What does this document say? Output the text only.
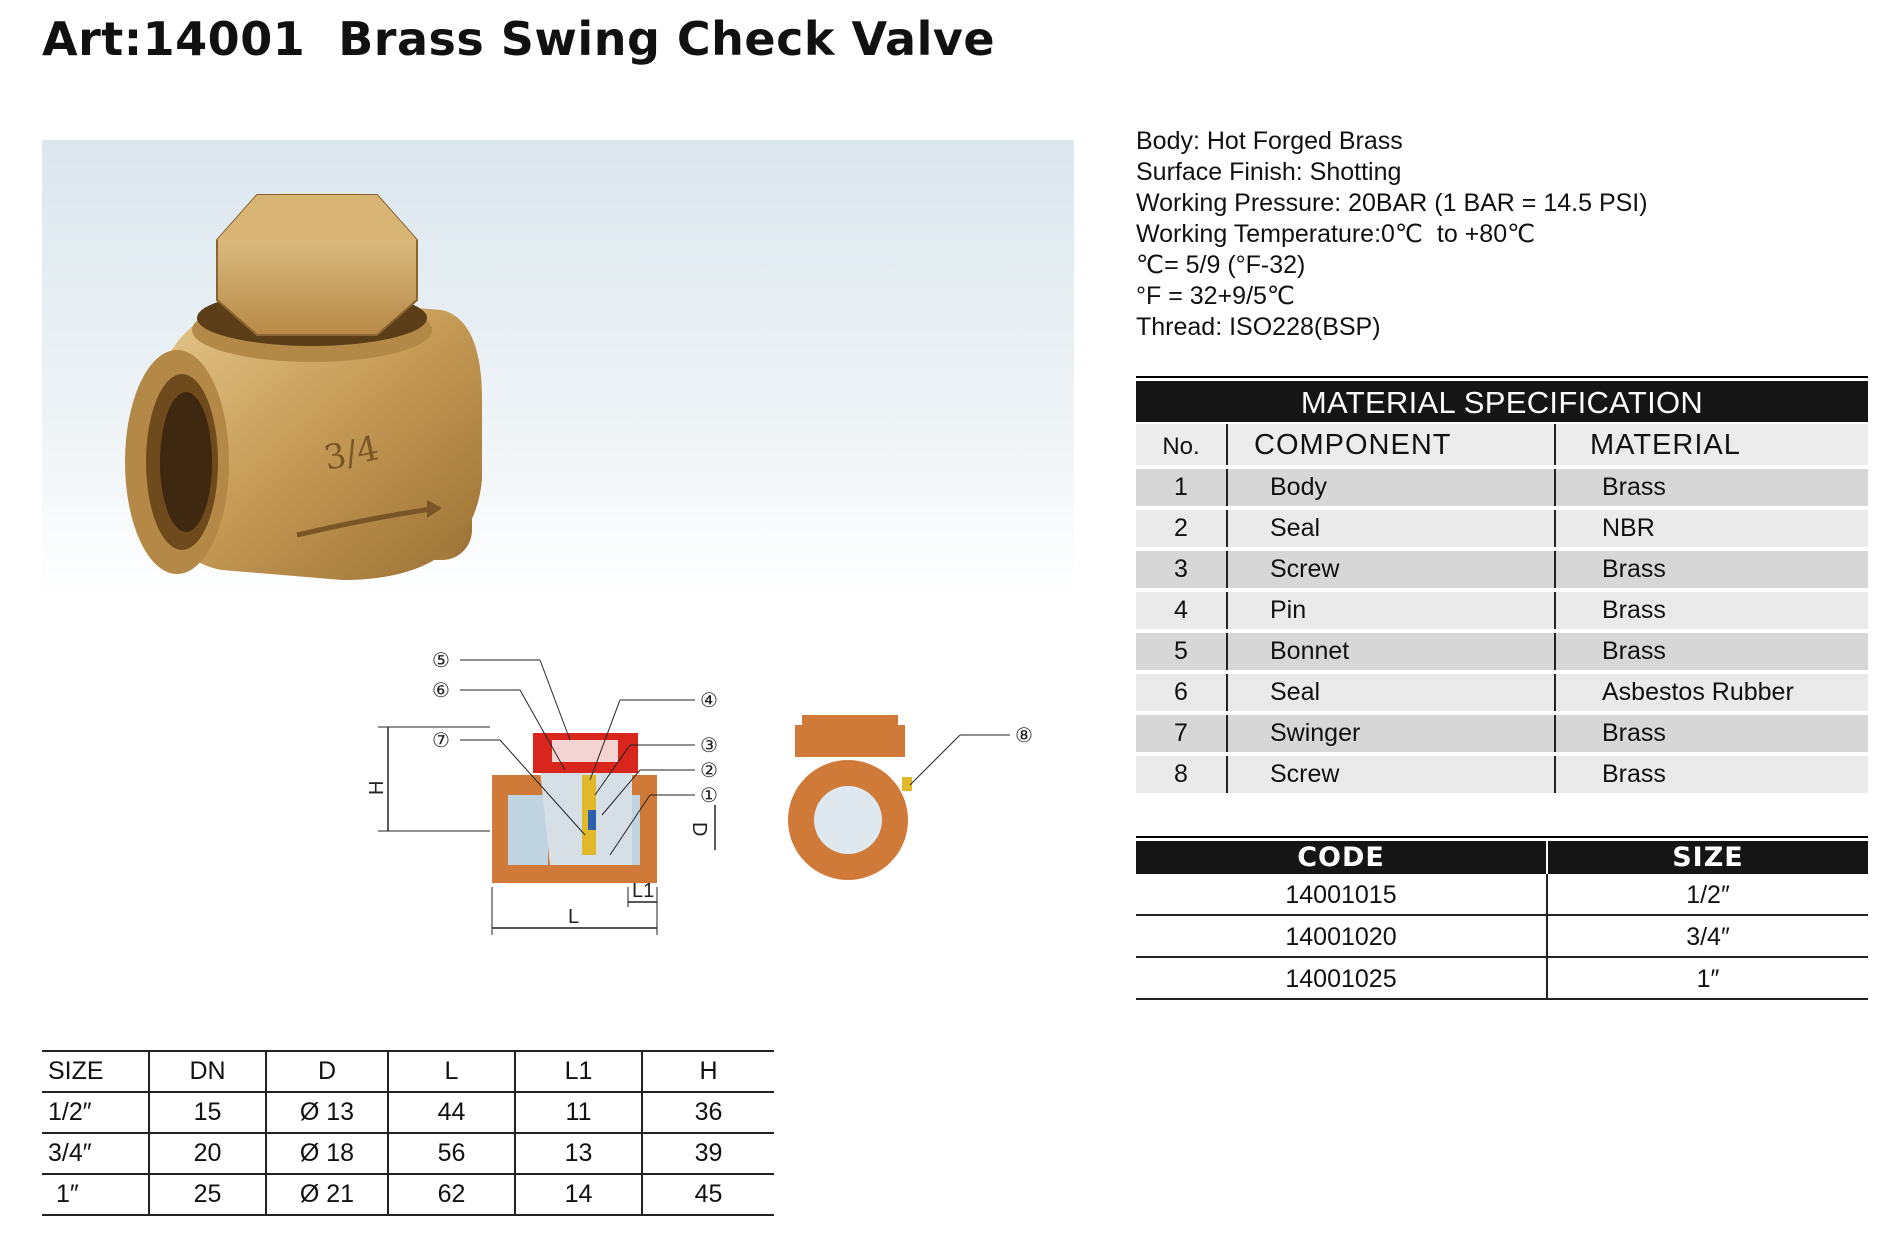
Art:14001  Brass Swing Check Valve
3/4
H
L
L1
D
⑤
⑥
⑦
④
③
②
①
⑧
Body: Hot Forged Brass
Surface Finish: Shotting
Working Pressure: 20BAR (1 BAR = 14.5 PSI)
Working Temperature:0℃  to +80℃
℃= 5/9 (°F-32)
°F = 32+9/5℃
Thread: ISO228(BSP)
MATERIAL SPECIFICATION
No.	COMPONENT	MATERIAL
1	Body	Brass
2	Seal	NBR
3	Screw	Brass
4	Pin	Brass
5	Bonnet	Brass
6	Seal	Asbestos Rubber
7	Swinger	Brass
8	Screw	Brass
CODE	SIZE
14001015	1/2″
14001020	3/4″
14001025	1″
SIZE	DN	D	L	L1	H
1/2″	15	Ø 13	44	11	36
3/4″	20	Ø 18	56	13	39
1″	25	Ø 21	62	14	45
